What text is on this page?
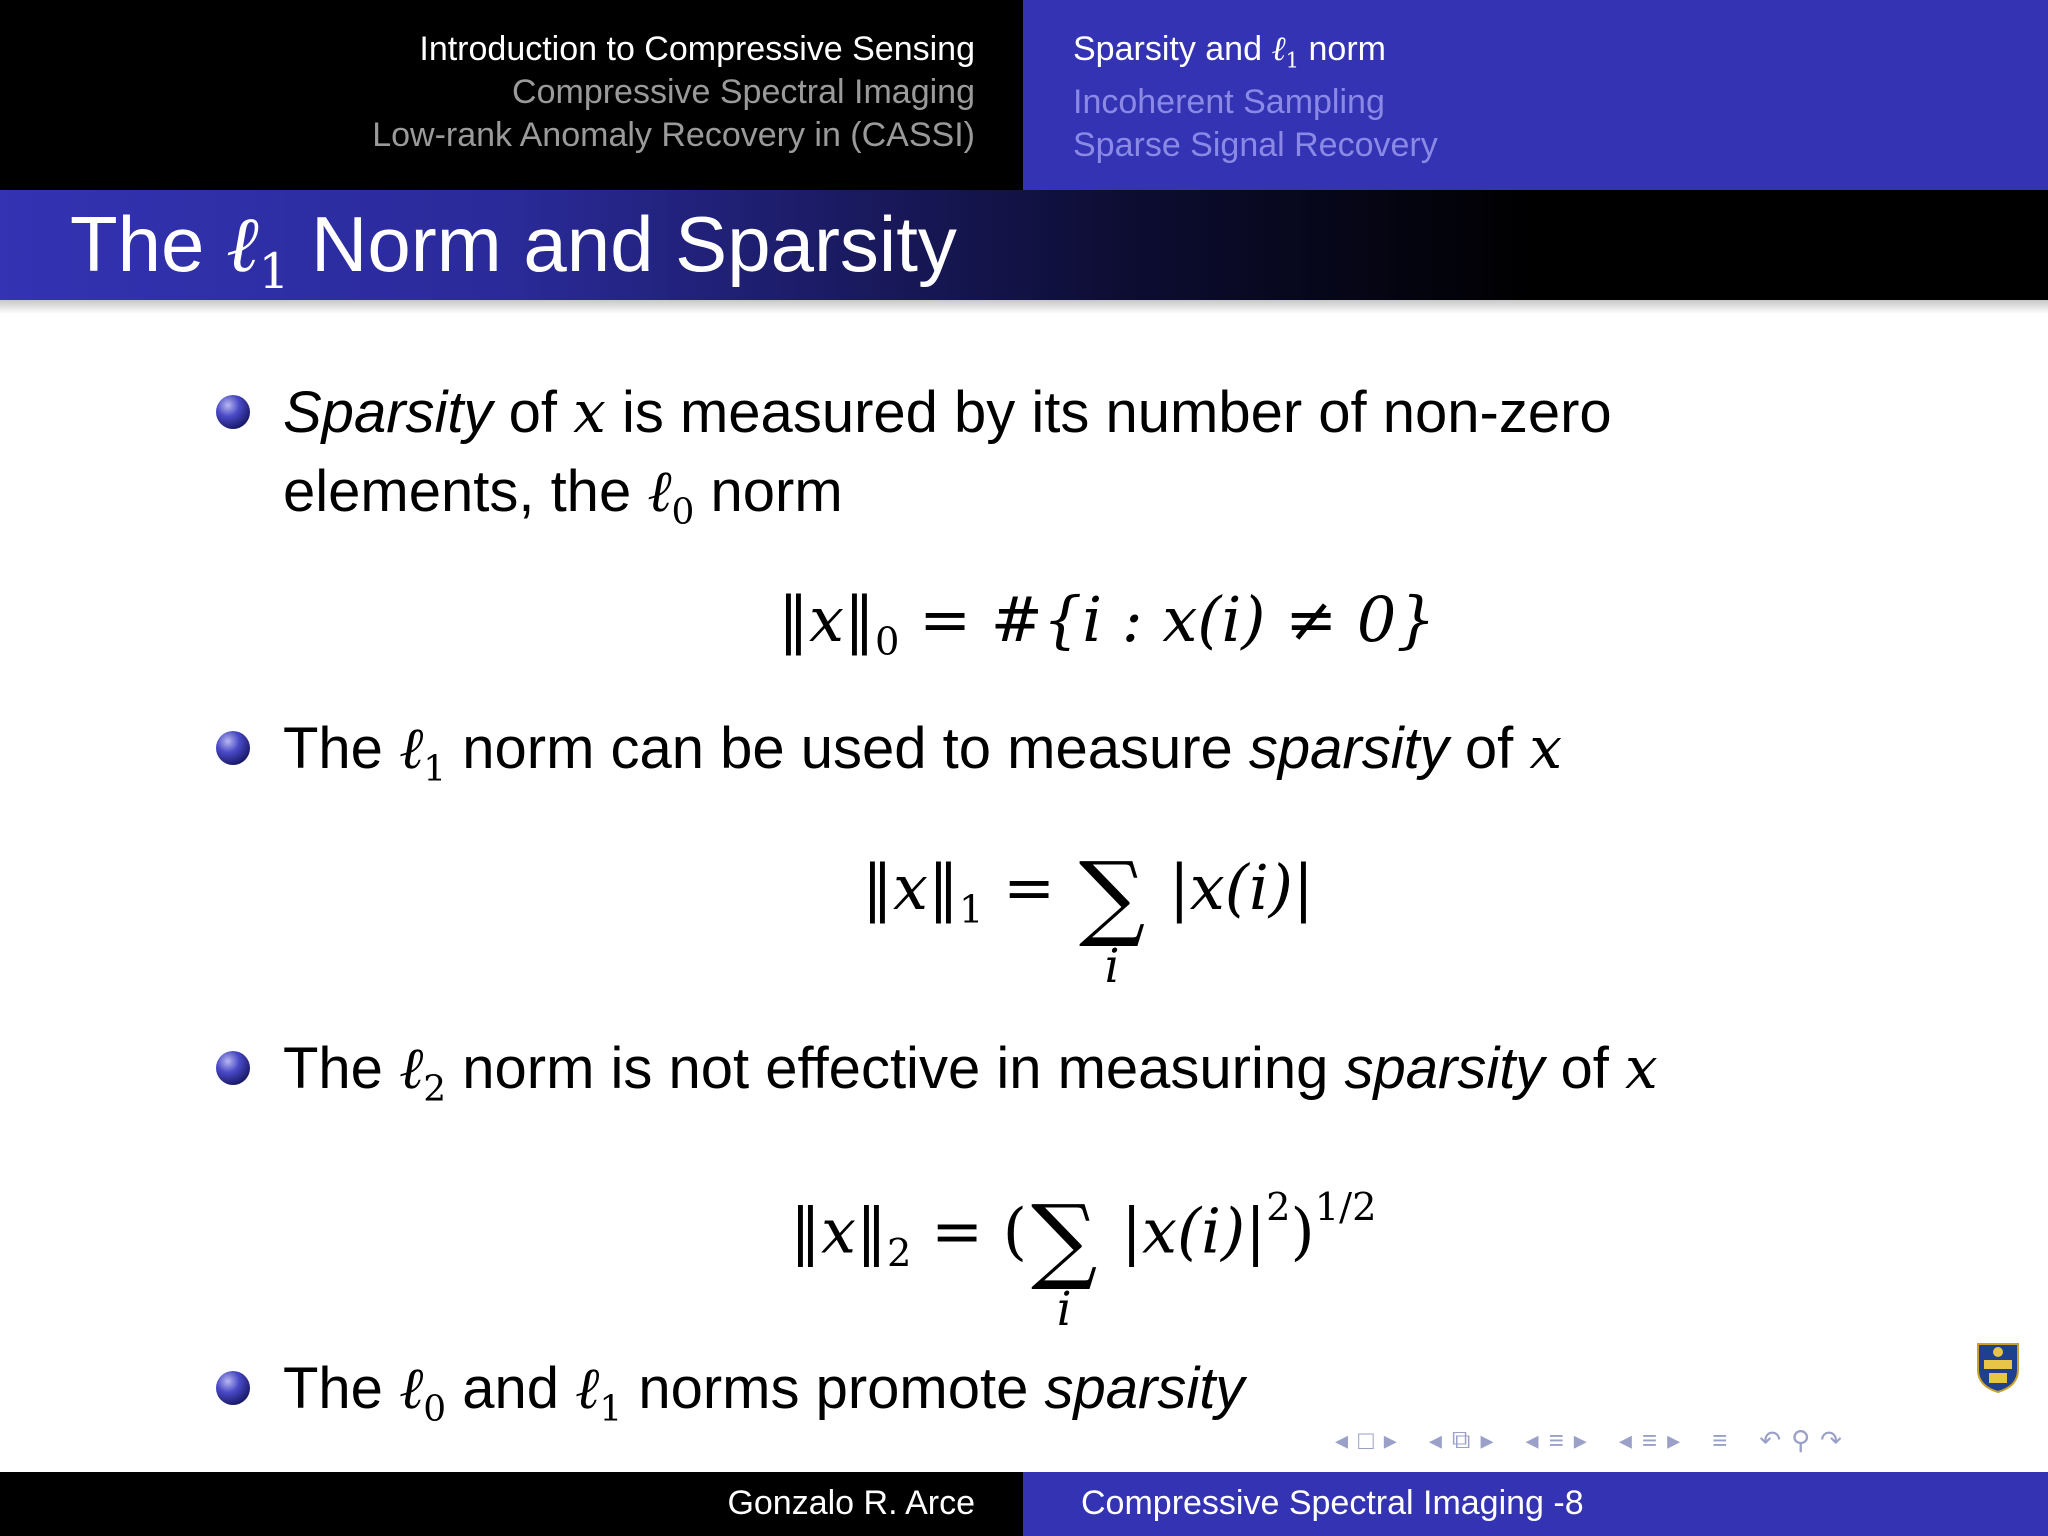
Introduction to Compressive Sensing
Compressive Spectral Imaging
Low-rank Anomaly Recovery in (CASSI)
Sparsity and ℓ$_1$ norm
Incoherent Sampling
Sparse Signal Recovery
The ℓ$_1$ Norm and Sparsity
Sparsity of x is measured by its number of non-zero
elements, the ℓ$_0$ norm
$‖x‖_0$ = #{i : x(i) ≠ 0}
The ℓ$_1$ norm can be used to measure sparsity of x
$‖x‖_1$ = ∑
i
|x(i)|
The ℓ$_2$ norm is not effective in measuring sparsity of x
$‖x‖_2$ = (∑
i
$|x(i)|^2)^{1/2}$
The ℓ$_0$ and ℓ$_1$ norms promote sparsity
◂ □ ▸ ◂ ⧉ ▸ ◂ ≡ ▸ ◂ ≡ ▸ ≡ ↶ ⚲ ↷
Gonzalo R. Arce	Compressive Spectral Imaging -8
